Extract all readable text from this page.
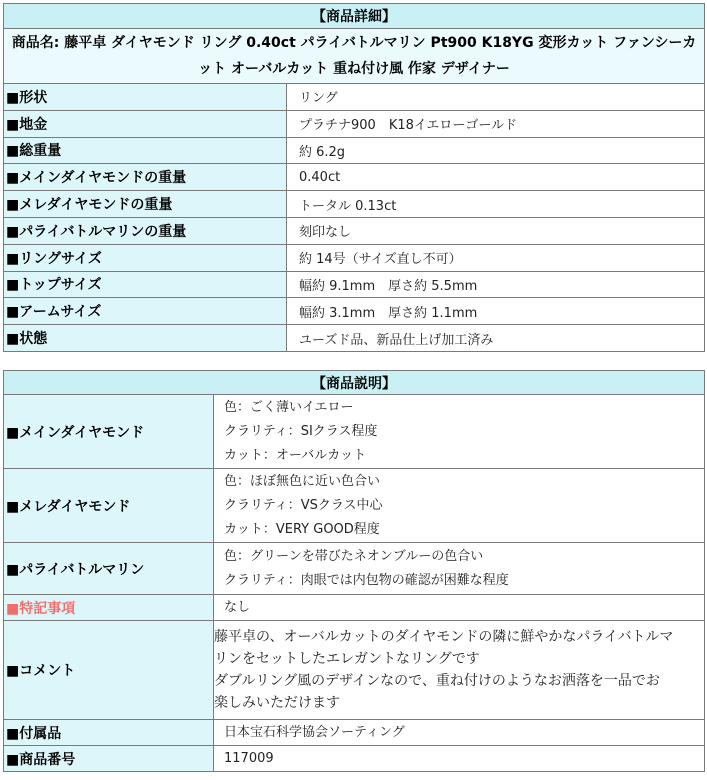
【商品詳細】	
商品名: 藤平卓 ダイヤモンド リング 0.40ct パライバトルマリン Pt900 K18YG 変形カット ファンシーカット オーバルカット 重ね付け風 作家 デザイナー	
■形状	リング
■地金	プラチナ900　K18イエローゴールド
■総重量	約 6.2g
■メインダイヤモンドの重量	0.40ct
■メレダイヤモンドの重量	トータル 0.13ct
■パライバトルマリンの重量	刻印なし
■リングサイズ	約 14号（サイズ直し不可）
■トップサイズ	幅約 9.1mm　厚さ約 5.5mm
■アームサイズ	幅約 3.1mm　厚さ約 1.1mm
■状態	ユーズド品、新品仕上げ加工済み
【商品説明】	
■メインダイヤモンド	色：ごく薄いイエロー
クラリティ：SIクラス程度
カット：オーバルカット

■メレダイヤモンド	色：ほぼ無色に近い色合い
クラリティ：VSクラス中心
カット：VERY GOOD程度

■パライバトルマリン	色：グリーンを帯びたネオンブルーの色合い
クラリティ：肉眼では内包物の確認が困難な程度

■特記事項	なし
■コメント	藤平卓の、オーバルカットのダイヤモンドの隣に鮮やかなパライバトルマ
リンをセットしたエレガントなリングです
ダブルリング風のデザインなので、重ね付けのようなお洒落を一品でお
楽しみいただけます

■付属品	日本宝石科学協会ソーティング
■商品番号	117009
